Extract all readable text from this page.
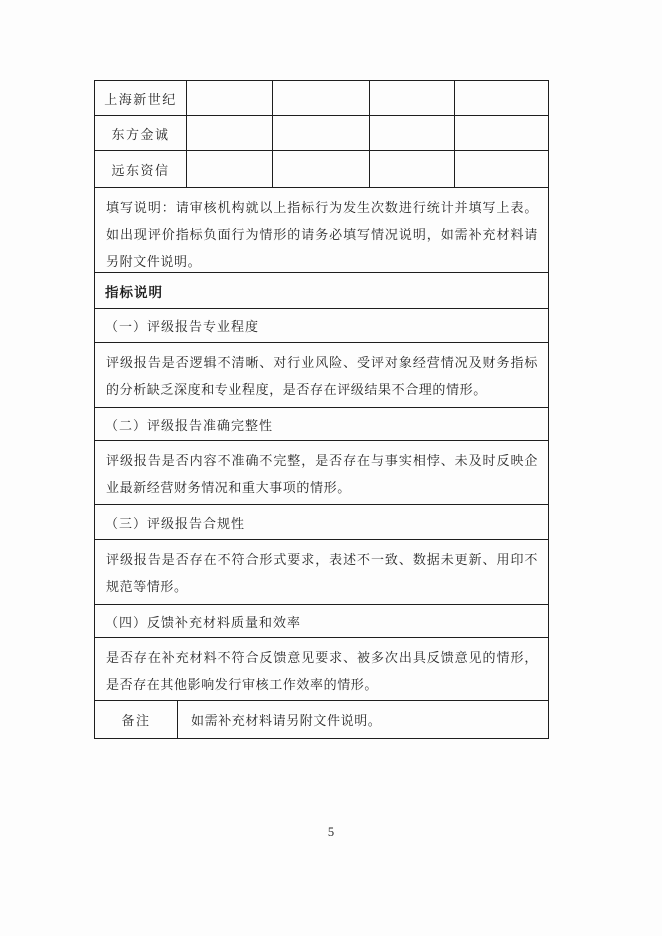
上海新世纪
东方金诚
远东资信
填写说明：请审核机构就以上指标行为发生次数进行统计并填写上表。如出现评价指标负面行为情形的请务必填写情况说明，如需补充材料请另附文件说明。
指标说明
（一）评级报告专业程度
评级报告是否逻辑不清晰、对行业风险、受评对象经营情况及财务指标的分析缺乏深度和专业程度，是否存在评级结果不合理的情形。
（二）评级报告准确完整性
评级报告是否内容不准确不完整，是否存在与事实相悖、未及时反映企业最新经营财务情况和重大事项的情形。
（三）评级报告合规性
评级报告是否存在不符合形式要求，表述不一致、数据未更新、用印不规范等情形。
（四）反馈补充材料质量和效率
是否存在补充材料不符合反馈意见要求、被多次出具反馈意见的情形，是否存在其他影响发行审核工作效率的情形。
备注	如需补充材料请另附文件说明。
5
